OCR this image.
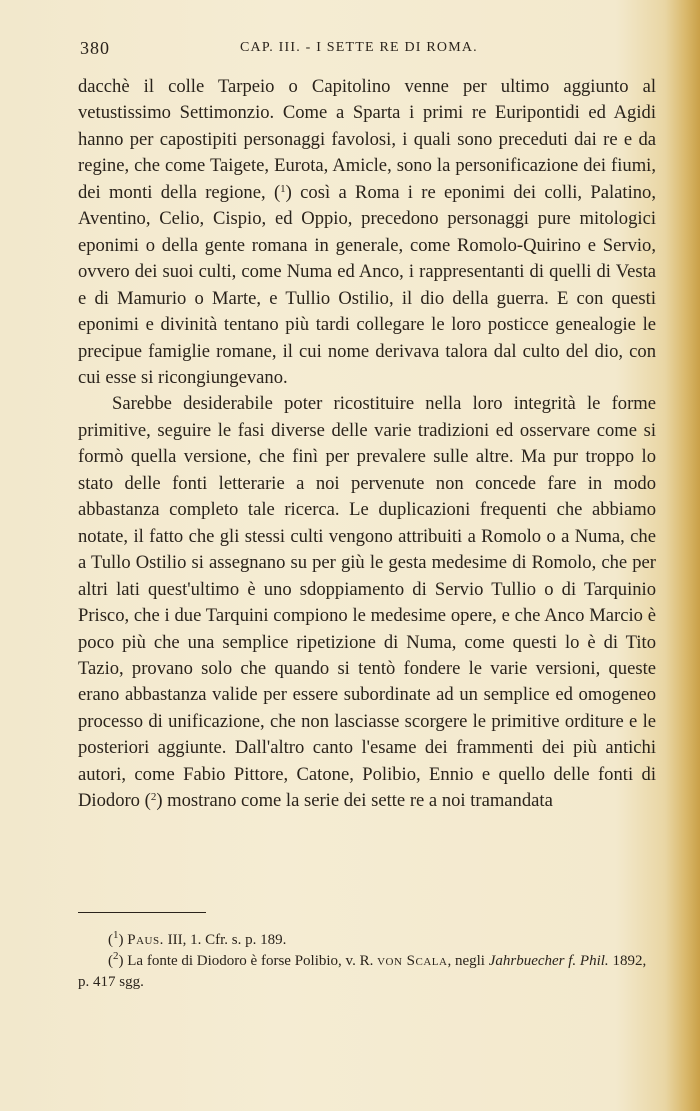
380	CAP. III. - I SETTE RE DI ROMA.

dacchè il colle Tarpeio o Capitolino venne per ultimo aggiunto al vetustissimo Settimonzio. Come a Sparta i primi re Euripontidi ed Agidi hanno per capostipiti personaggi favolosi, i quali sono preceduti dai re e da regine, che come Taigete, Eurota, Amicle, sono la personificazione dei fiumi, dei monti della regione, ($^1$) così a Roma i re eponimi dei colli, Palatino, Aventino, Celio, Cispio, ed Oppio, precedono personaggi pure mitologici eponimi o della gente romana in generale, come Romolo-Quirino e Servio, ovvero dei suoi culti, come Numa ed Anco, i rappresentanti di quelli di Vesta e di Mamurio o Marte, e Tullio Ostilio, il dio della guerra. E con questi eponimi e divinità tentano più tardi collegare le loro posticce genealogie le precipue famiglie romane, il cui nome derivava talora dal culto del dio, con cui esse si ricongiungevano.

Sarebbe desiderabile poter ricostituire nella loro integrità le forme primitive, seguire le fasi diverse delle varie tradizioni ed osservare come si formò quella versione, che finì per prevalere sulle altre. Ma pur troppo lo stato delle fonti letterarie a noi pervenute non concede fare in modo abbastanza completo tale ricerca. Le duplicazioni frequenti che abbiamo notate, il fatto che gli stessi culti vengono attribuiti a Romolo o a Numa, che a Tullo Ostilio si assegnano su per giù le gesta medesime di Romolo, che per altri lati quest'ultimo è uno sdoppiamento di Servio Tullio o di Tarquinio Prisco, che i due Tarquini compiono le medesime opere, e che Anco Marcio è poco più che una semplice ripetizione di Numa, come questi lo è di Tito Tazio, provano solo che quando si tentò fondere le varie versioni, queste erano abbastanza valide per essere subordinate ad un semplice ed omogeneo processo di unificazione, che non lasciasse scorgere le primitive orditure e le posteriori aggiunte. Dall'altro canto l'esame dei frammenti dei più antichi autori, come Fabio Pittore, Catone, Polibio, Ennio e quello delle fonti di Diodoro ($^2$) mostrano come la serie dei sette re a noi tramandata

($^1$) Paus. III, 1. Cfr. s. p. 189.

($^2$) La fonte di Diodoro è forse Polibio, v. R. von Scala, negli Jahrbuecher f. Phil. 1892, p. 417 sgg.
